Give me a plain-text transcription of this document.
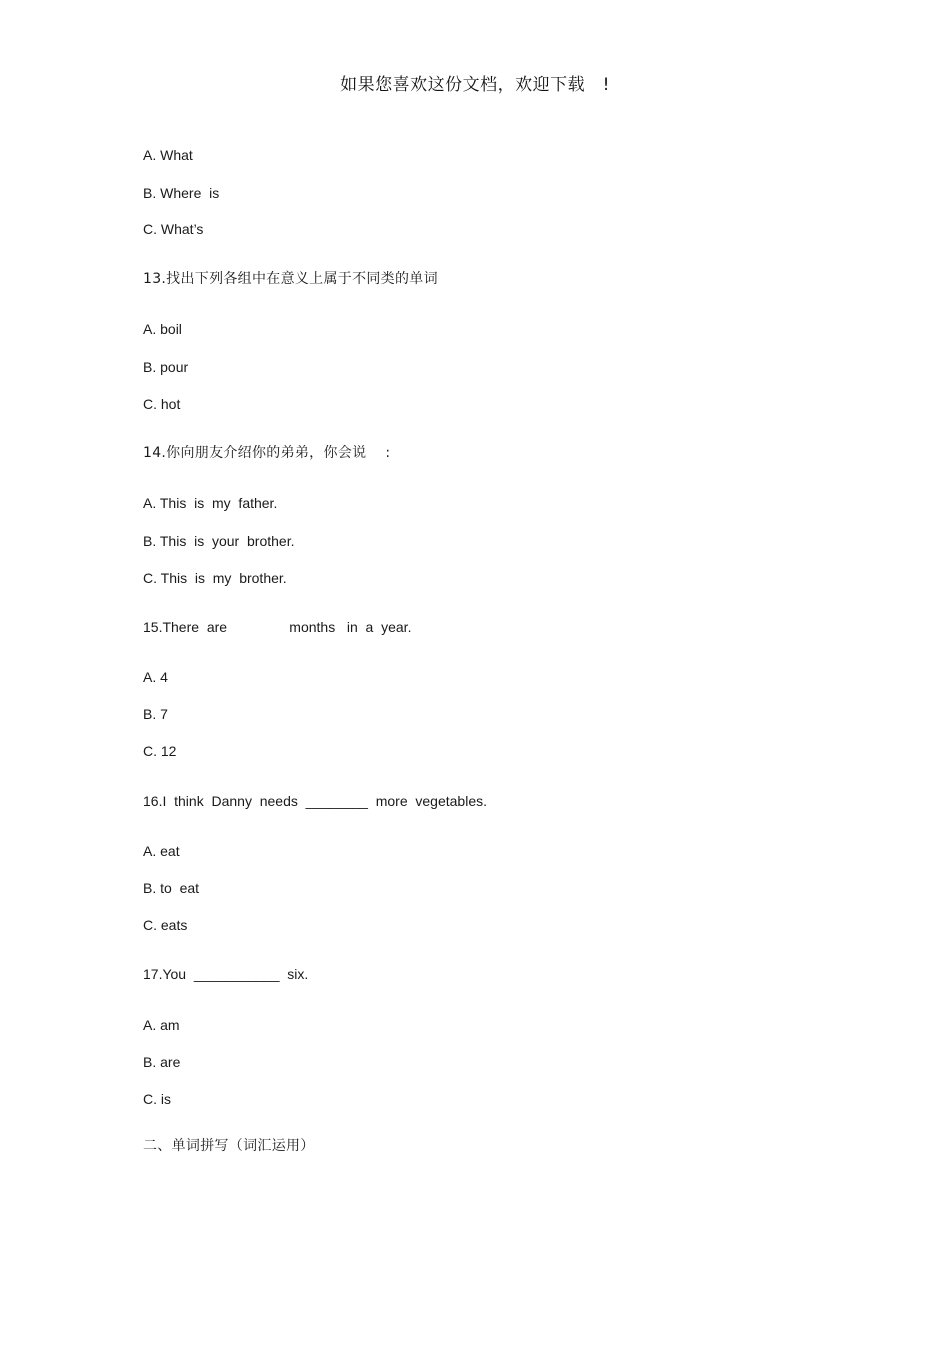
如果您喜欢这份文档，欢迎下载　!
A. What
B. Where  is
C. What’s
13.找出下列各组中在意义上属于不同类的单词
A. boil
B. pour
C. hot
14.你向朋友介绍你的弟弟，你会说　 :
A. This  is  my  father.
B. This  is  your  brother.
C. This  is  my  brother.
15.There  are                months   in  a  year.
A. 4
B. 7
C. 12
16.I  think  Danny  needs  ________  more  vegetables.
A. eat
B. to  eat
C. eats
17.You  ___________  six.
A. am
B. are
C. is
二、单词拼写（词汇运用）
